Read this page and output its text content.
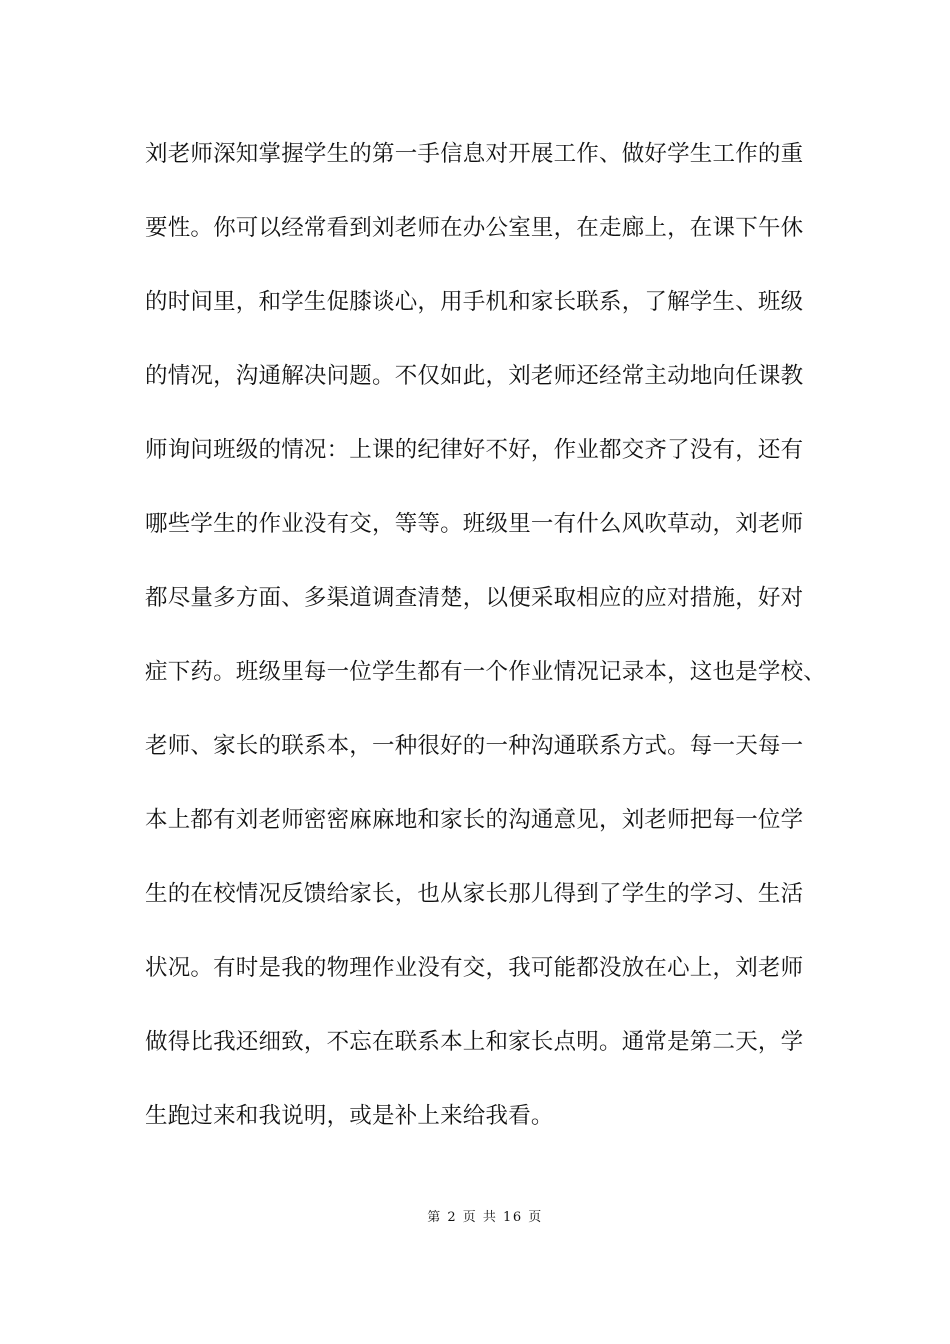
刘老师深知掌握学生的第一手信息对开展工作、做好学生工作的重
要性。你可以经常看到刘老师在办公室里，在走廊上，在课下午休
的时间里，和学生促膝谈心，用手机和家长联系，了解学生、班级
的情况，沟通解决问题。不仅如此，刘老师还经常主动地向任课教
师询问班级的情况：上课的纪律好不好，作业都交齐了没有，还有
哪些学生的作业没有交，等等。班级里一有什么风吹草动，刘老师
都尽量多方面、多渠道调查清楚，以便采取相应的应对措施，好对
症下药。班级里每一位学生都有一个作业情况记录本，这也是学校、
老师、家长的联系本，一种很好的一种沟通联系方式。每一天每一
本上都有刘老师密密麻麻地和家长的沟通意见，刘老师把每一位学
生的在校情况反馈给家长，也从家长那儿得到了学生的学习、生活
状况。有时是我的物理作业没有交，我可能都没放在心上，刘老师
做得比我还细致，不忘在联系本上和家长点明。通常是第二天，学
生跑过来和我说明，或是补上来给我看。
第 2 页 共 16 页
